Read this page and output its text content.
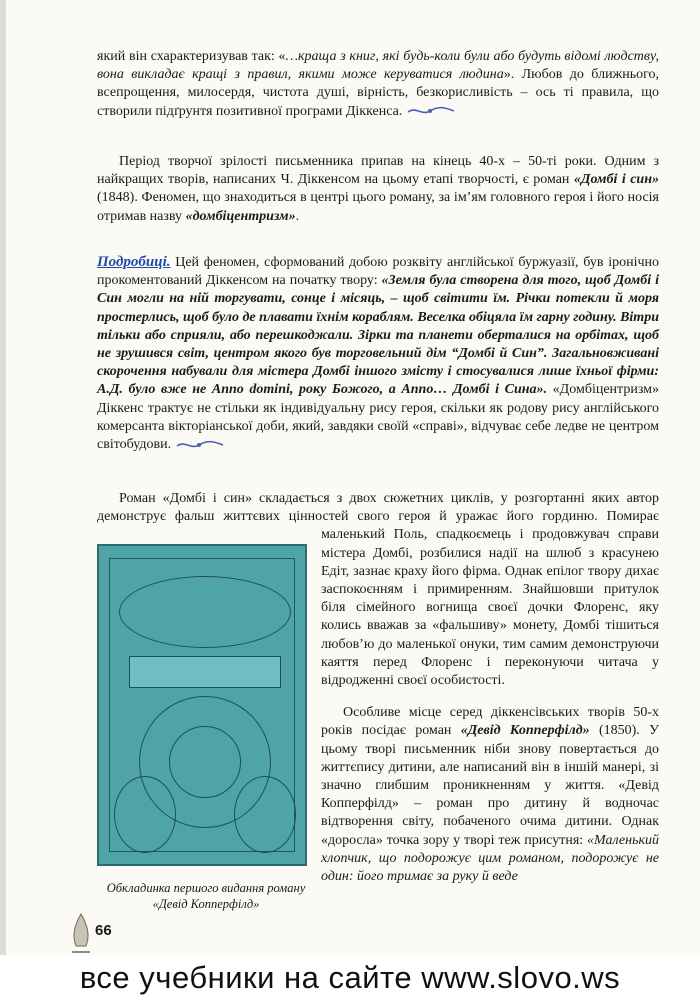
який він схарактеризував так: «…краща з книг, які будь-коли були або будуть відомі людству, вона викладає кращі з правил, якими може керуватися людина». Любов до ближнього, всепрощення, милосердя, чистота душі, вірність, безкорисливість – ось ті правила, що створили підґрунтя позитивної програми Діккенса.

Період творчої зрілості письменника припав на кінець 40-х – 50-ті роки. Одним з найкращих творів, написаних Ч. Діккенсом на цьому етапі творчості, є роман «Домбі і син» (1848). Феномен, що знаходиться в центрі цього роману, за ім’ям головного героя і його носія отримав назву «домбіцентризм».

Подробиці. Цей феномен, сформований добою розквіту англійської буржуазії, був іронічно прокоментований Діккенсом на початку твору: «Земля була створена для того, щоб Домбі і Син могли на ній торгувати, сонце і місяць, – щоб світити їм. Річки потекли й моря простерлись, щоб було де плавати їхнім кораблям. Веселка обіцяла їм гарну годину. Вітри тільки або сприяли, або перешкоджали. Зірки та планети оберталися на орбітах, щоб не зрушився світ, центром якого був торговельний дім “Домбі й Син”. Загальновживані скорочення набували для містера Домбі іншого змісту і стосувалися лише їхньої фірми: А.Д. було вже не Anno domini, року Божого, а Anno… Домбі і Сина». «Домбіцентризм» Діккенс трактує не стільки як індивідуальну рису героя, скільки як родову рису англійського комерсанта вікторіанської доби, який, завдяки своїй «справі», відчуває себе ледве не центром світобудови.

Роман «Домбі і син» складається з двох сюжетних циклів, у розгортанні яких автор демонструє фальш життєвих цінностей свого героя й уражає його гординю. Помирає маленький Поль, спадкоємець і продовжувач справи містера Домбі, розбилися надії на шлюб з красунею Едіт, зазнає краху його фірма. Однак епілог твору дихає заспокоєнням і примиренням. Знайшовши притулок біля сімейного вогнища своєї дочки Флоренс, яку колись вважав за «фальшиву» монету, Домбі тішиться любов’ю до маленької онуки, тим самим демонструючи каяття перед Флоренс і переконуючи читача у відродженні своєї особистості.

Особливе місце серед діккенсівських творів 50-х років посідає роман «Девід Копперфілд» (1850). У цьому творі письменник ніби знову повертається до життєпису дитини, але написаний він в іншій манері, зі значно глибшим проникненням у життя. «Девід Копперфілд» – роман про дитину й водночас відтворення світу, побаченого очима дитини. Однак «доросла» точка зору у творі теж присутня: «Маленький хлопчик, що подорожує цим романом, подорожує не один: його тримає за руку й веде

Обкладинка першого видання роману «Девід Копперфілд»
66
все учебники на сайте www.slovo.ws
